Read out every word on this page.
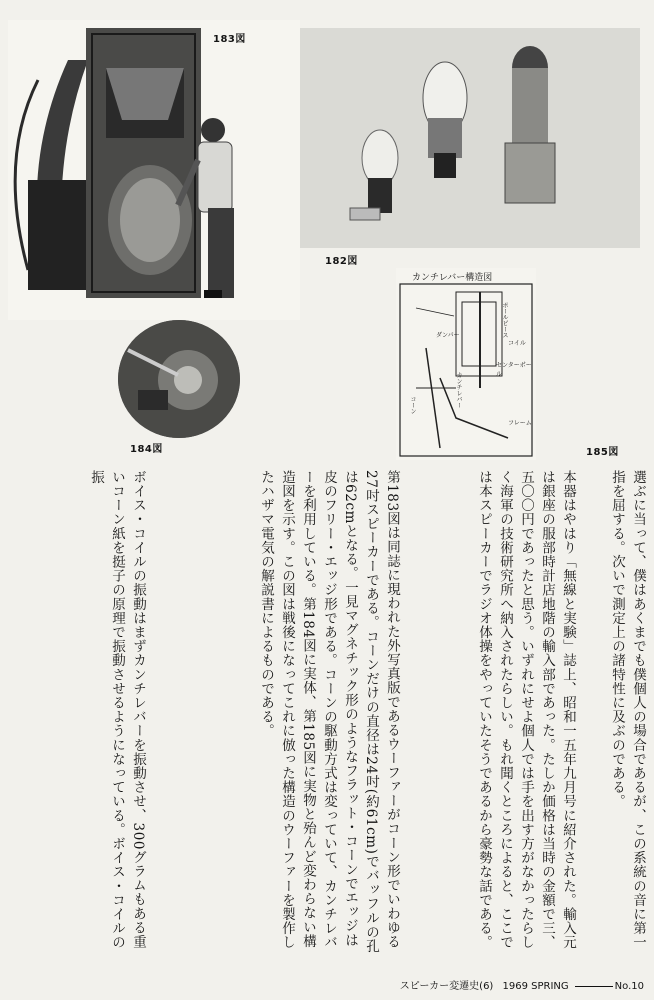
183図
182図
184図
カンチレバー構造図
ポールピース
コイル
センターポール
フレーム
カンチレバー
ダンパー
コーン
185図
選ぶに当って、僕はあくまでも僕個人の場合であるが、この系統の音に第一指を屈する。次いで測定上の諸特性に及ぶのである。
本器はやはり「無線と実験」誌上、昭和一五年九月号に紹介された。輸入元は銀座の服部時計店地階の輸入部であった。たしか価格は当時の金額で三、五〇〇円であったと思う。いずれにせよ個人では手を出す方がなかったらしく海軍の技術研究所へ納入されたらしい。もれ聞くところによると、ここでは本スピーカーでラジオ体操をやっていたそうであるから豪勢な話である。
第183図は同誌に現われた外写真版であるウーファーがコーン形でいわゆる27吋スピーカーである。コーンだけの直径は24吋(約61cm)でバッフルの孔は62cmとなる。一見マグネチック形のようなフラット・コーンでエッジは皮のフリー・エッジ形である。コーンの駆動方式は変っていて、カンチレバーを利用している。第184図に実体、第185図に実物と殆んど変わらない構造図を示す。この図は戦後になってこれに倣った構造のウーファーを製作したハザマ電気の解説書によるものである。
ボイス・コイルの振動はまずカンチレバーを振動させ、300グラムもある重いコーン紙を挺子の原理で振動させるようになっている。ボイス・コイルの振
スピーカー変遷史(6) 1969 SPRING	No.10
